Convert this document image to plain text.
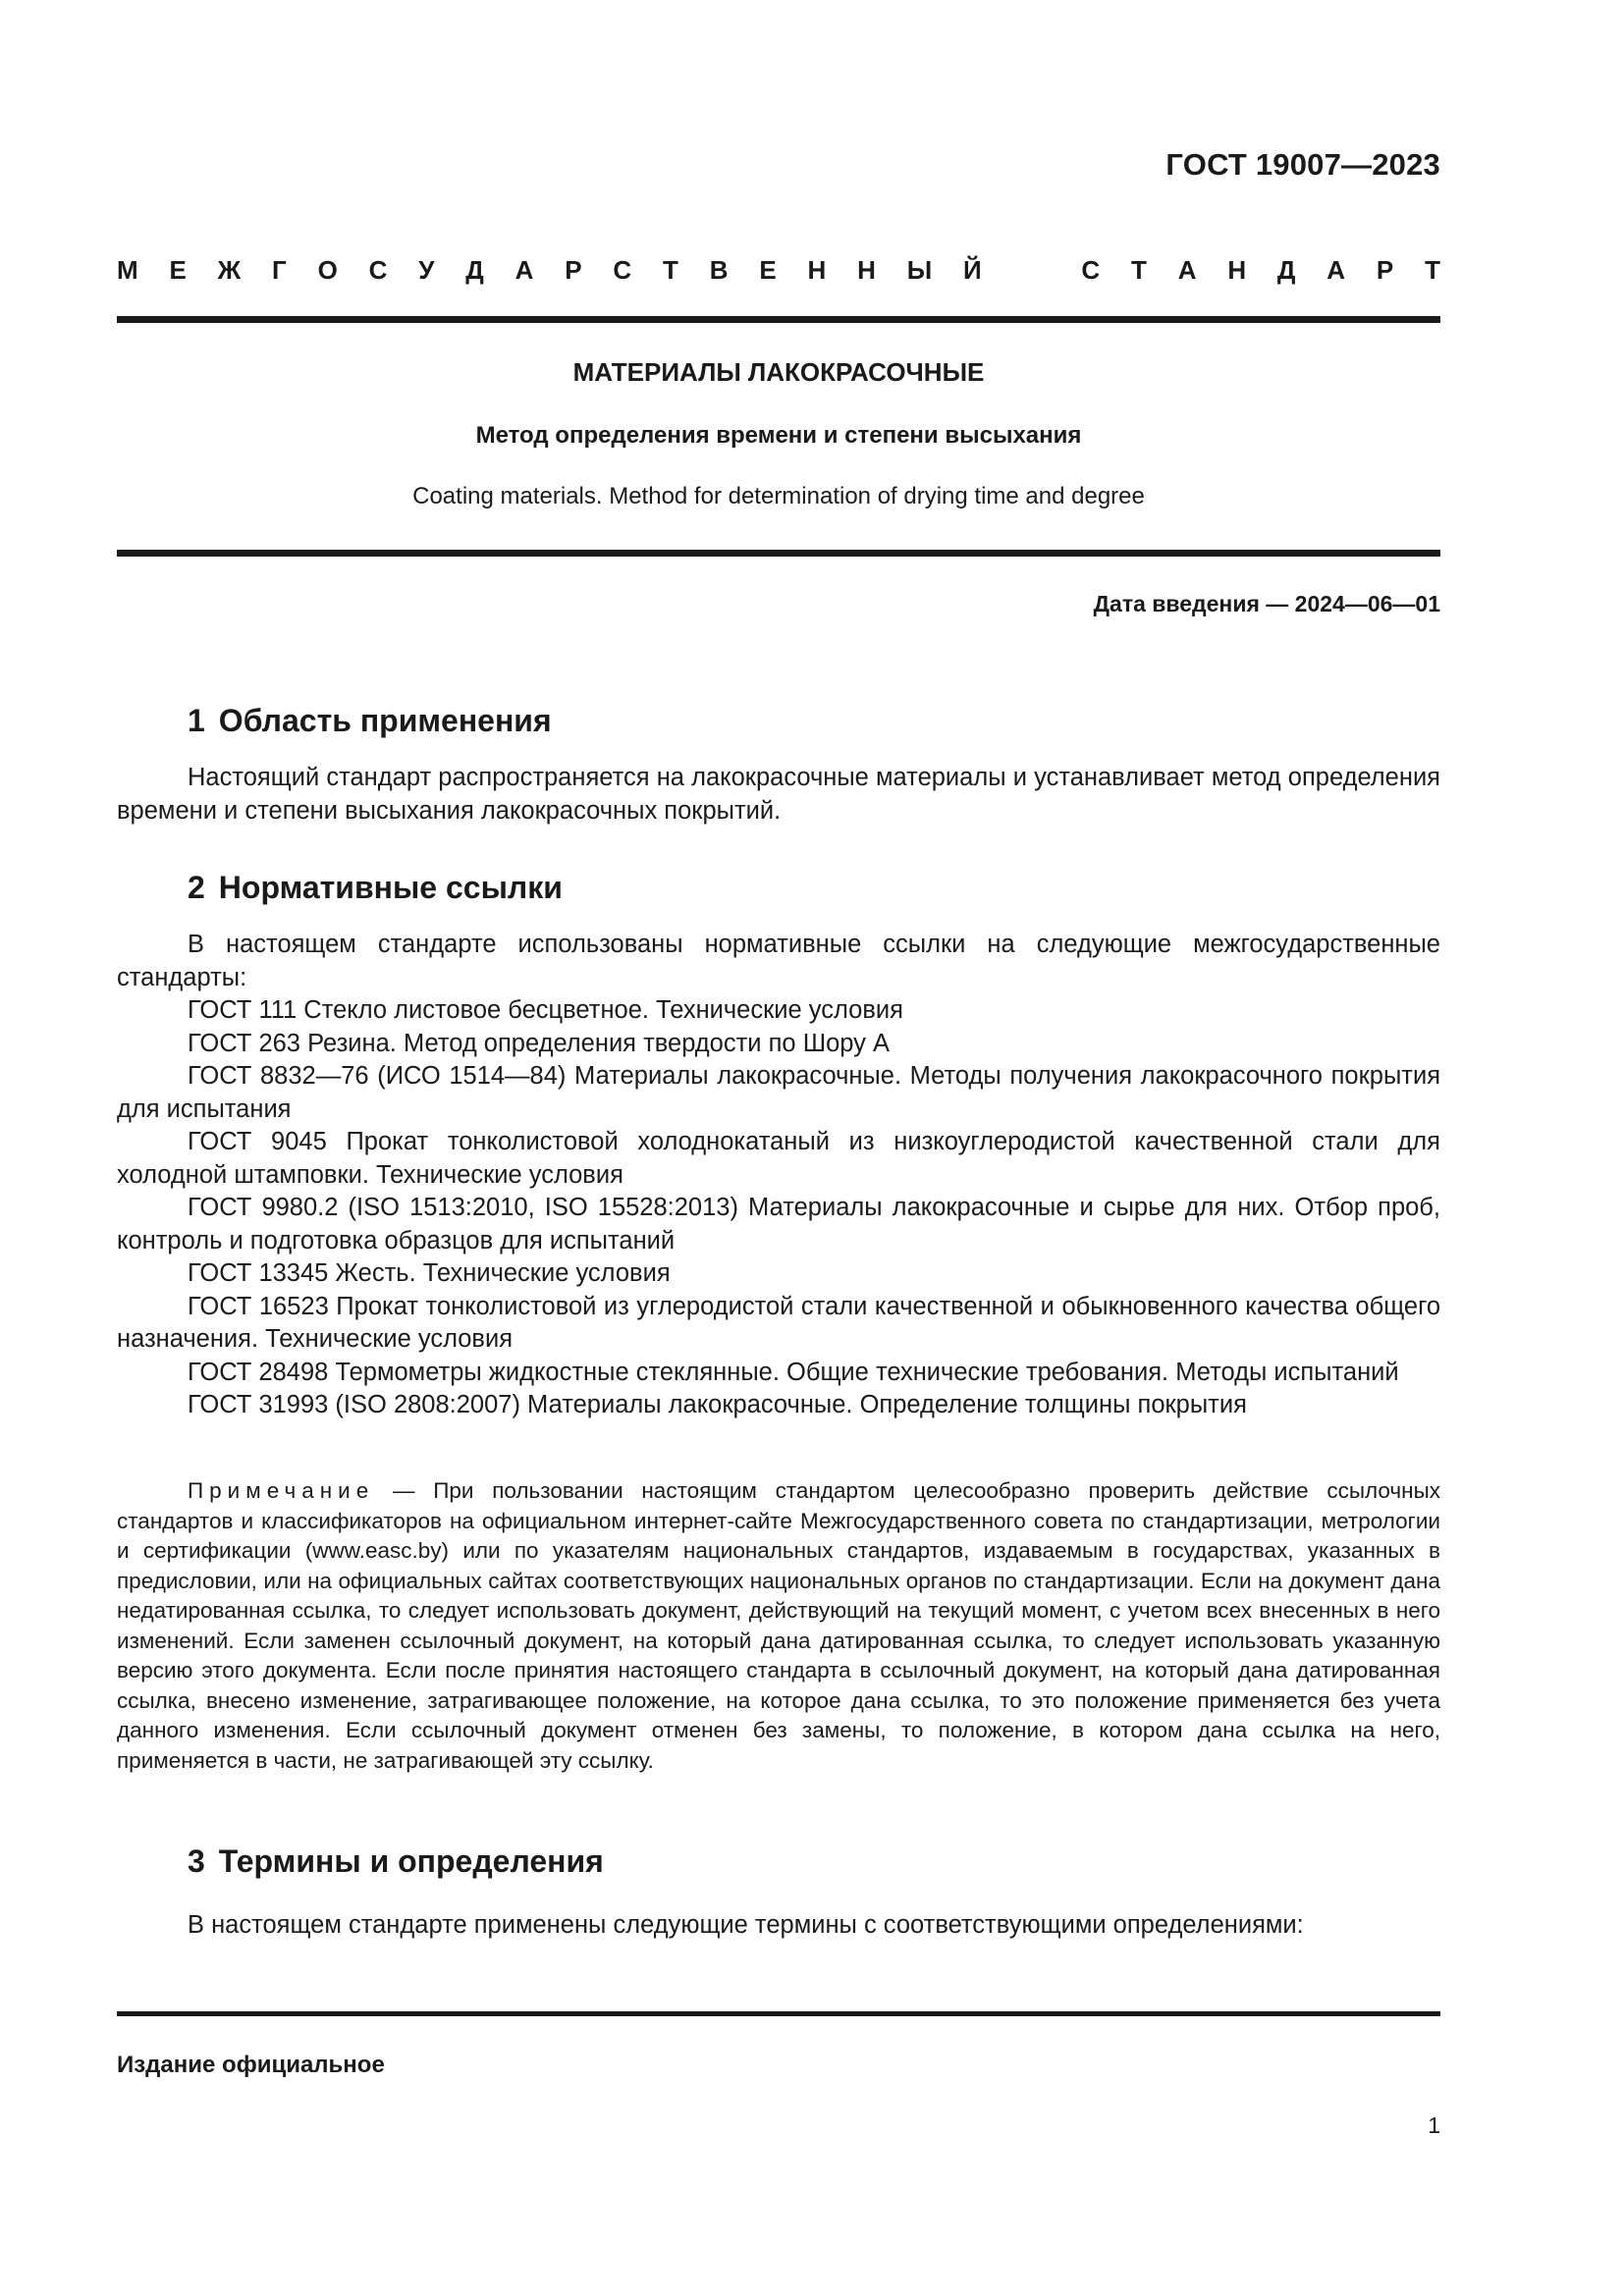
ГОСТ 19007—2023
М Е Ж Г О С У Д А Р С Т В Е Н Н Ы Й	С Т А Н Д А Р Т
МАТЕРИАЛЫ ЛАКОКРАСОЧНЫЕ
Метод определения времени и степени высыхания
Coating materials. Method for determination of drying time and degree
Дата введения — 2024—06—01
1 Область применения
Настоящий стандарт распространяется на лакокрасочные материалы и устанавливает метод определения времени и степени высыхания лакокрасочных покрытий.
2 Нормативные ссылки
В настоящем стандарте использованы нормативные ссылки на следующие межгосударственные стандарты:

ГОСТ 111 Стекло листовое бесцветное. Технические условия

ГОСТ 263 Резина. Метод определения твердости по Шору А

ГОСТ 8832—76 (ИСО 1514—84) Материалы лакокрасочные. Методы получения лакокрасочного покрытия для испытания

ГОСТ 9045 Прокат тонколистовой холоднокатаный из низкоуглеродистой качественной стали для холодной штамповки. Технические условия

ГОСТ 9980.2 (ISO 1513:2010, ISO 15528:2013) Материалы лакокрасочные и сырье для них. Отбор проб, контроль и подготовка образцов для испытаний

ГОСТ 13345 Жесть. Технические условия

ГОСТ 16523 Прокат тонколистовой из углеродистой стали качественной и обыкновенного качества общего назначения. Технические условия

ГОСТ 28498 Термометры жидкостные стеклянные. Общие технические требования. Методы испытаний

ГОСТ 31993 (ISO 2808:2007) Материалы лакокрасочные. Определение толщины покрытия

Примечание — При пользовании настоящим стандартом целесообразно проверить действие ссылочных стандартов и классификаторов на официальном интернет-сайте Межгосударственного совета по стандартизации, метрологии и сертификации (www.easc.by) или по указателям национальных стандартов, издаваемым в государствах, указанных в предисловии, или на официальных сайтах соответствующих национальных органов по стандартизации. Если на документ дана недатированная ссылка, то следует использовать документ, действующий на текущий момент, с учетом всех внесенных в него изменений. Если заменен ссылочный документ, на который дана датированная ссылка, то следует использовать указанную версию этого документа. Если после принятия настоящего стандарта в ссылочный документ, на который дана датированная ссылка, внесено изменение, затрагивающее положение, на которое дана ссылка, то это положение применяется без учета данного изменения. Если ссылочный документ отменен без замены, то положение, в котором дана ссылка на него, применяется в части, не затрагивающей эту ссылку.
3 Термины и определения
В настоящем стандарте применены следующие термины с соответствующими определениями:
Издание официальное
1
